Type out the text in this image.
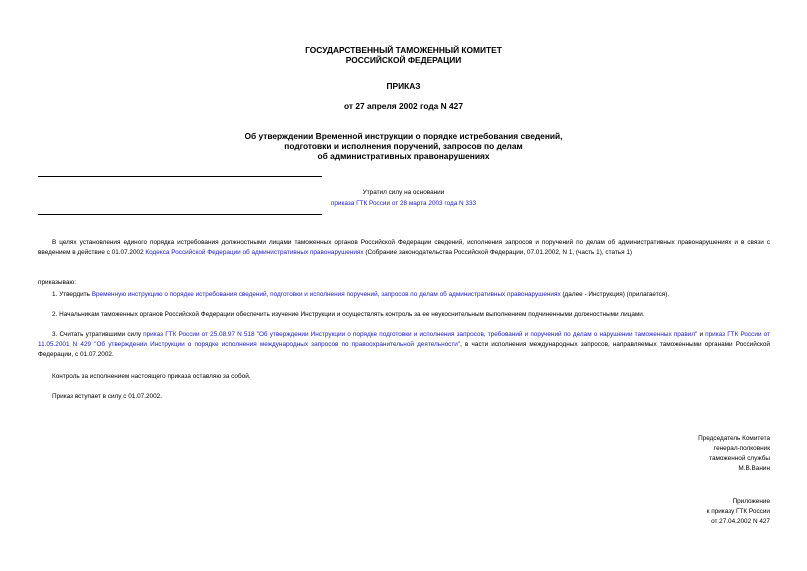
ГОСУДАРСТВЕННЫЙ ТАМОЖЕННЫЙ КОМИТЕТ
РОССИЙСКОЙ ФЕДЕРАЦИИ
ПРИКАЗ
от 27 апреля 2002 года N 427
Об утверждении Временной инструкции о порядке истребования сведений,
подготовки и исполнения поручений, запросов по делам
об административных правонарушениях
Утратил силу на основании
приказа ГТК России от 28 марта 2003 года N 333
В целях установления единого порядка истребования должностными лицами таможенных органов Российской Федерации сведений, исполнения запросов и поручений по делам об административных правонарушениях и в связи с введением в действие с 01.07.2002 Кодекса Российской Федерации об административных правонарушениях (Собрание законодательства Российской Федерации, 07.01.2002, N 1, (часть 1), статья 1)
приказываю:
1. Утвердить Временную инструкцию о порядке истребования сведений, подготовки и исполнения поручений, запросов по делам об административных правонарушениях (далее - Инструкция) (прилагается).
2. Начальникам таможенных органов Российской Федерации обеспечить изучение Инструкции и осуществлять контроль за ее неукоснительным выполнением подчиненными должностными лицами.
3. Считать утратившими силу приказ ГТК России от 25.08.97 N 518 "Об утверждении Инструкции о порядке подготовки и исполнения запросов, требований и поручений по делам о нарушении таможенных правил" и приказ ГТК России от 11.05.2001 N 429 "Об утверждении Инструкции о порядке исполнения международных запросов по правоохранительной деятельности", в части исполнения международных запросов, направляемых таможенными органами Российской Федерации, с 01.07.2002.
Контроль за исполнением настоящего приказа оставляю за собой.
Приказ вступает в силу с 01.07.2002.
Председатель Комитета
генерал-полковник
таможенной службы
М.В.Ванин
Приложение
к приказу ГТК России
от 27.04.2002 N 427
